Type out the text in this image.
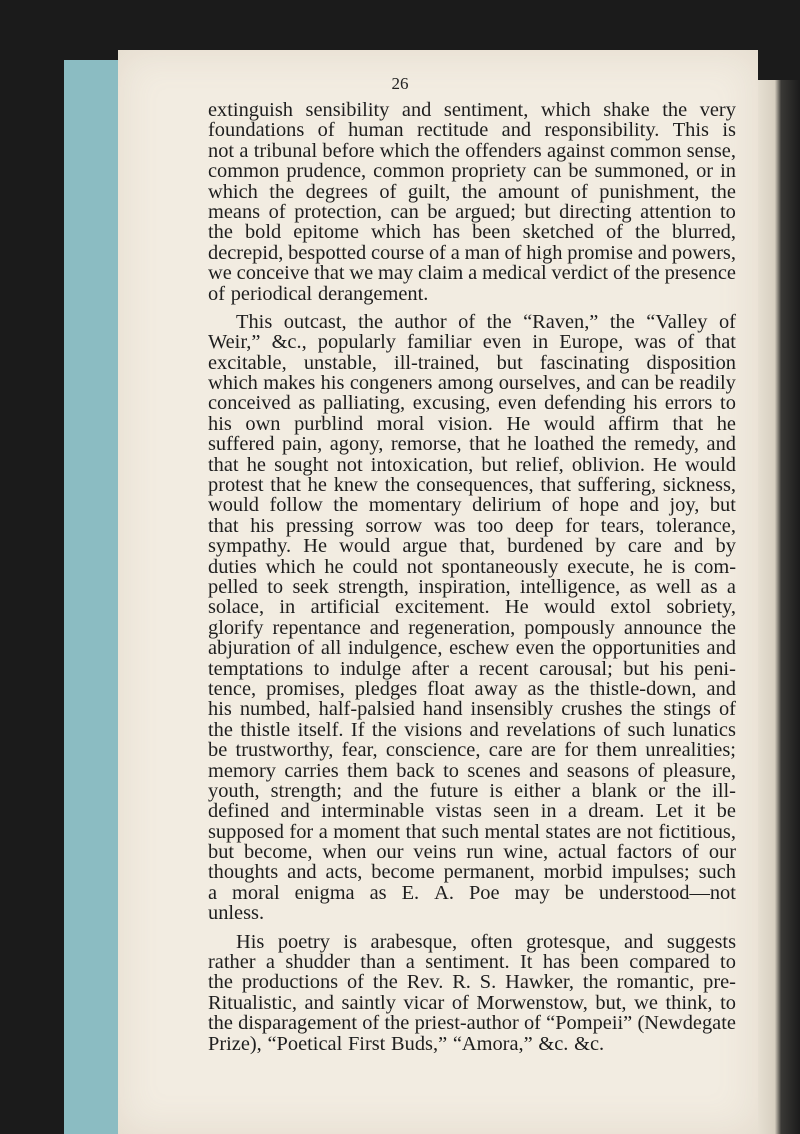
26
extinguish sensibility and sentiment, which shake the very
foundations of human rectitude and responsibility. This is
not a tribunal before which the offenders against common sense,
common prudence, common propriety can be summoned, or in
which the degrees of guilt, the amount of punishment, the
means of protection, can be argued; but directing attention to
the bold epitome which has been sketched of the blurred,
decrepid, bespotted course of a man of high promise and powers,
we conceive that we may claim a medical verdict of the presence
of periodical derangement.
This outcast, the author of the “Raven,” the “Valley of
Weir,” &c., popularly familiar even in Europe, was of that
excitable, unstable, ill-trained, but fascinating disposition
which makes his congeners among ourselves, and can be readily
conceived as palliating, excusing, even defending his errors to
his own purblind moral vision. He would affirm that he
suffered pain, agony, remorse, that he loathed the remedy, and
that he sought not intoxication, but relief, oblivion. He would
protest that he knew the consequences, that suffering, sickness,
would follow the momentary delirium of hope and joy, but
that his pressing sorrow was too deep for tears, tolerance,
sympathy. He would argue that, burdened by care and by
duties which he could not spontaneously execute, he is com-
pelled to seek strength, inspiration, intelligence, as well as a
solace, in artificial excitement. He would extol sobriety,
glorify repentance and regeneration, pompously announce the
abjuration of all indulgence, eschew even the opportunities and
temptations to indulge after a recent carousal; but his peni-
tence, promises, pledges float away as the thistle-down, and
his numbed, half-palsied hand insensibly crushes the stings of
the thistle itself. If the visions and revelations of such lunatics
be trustworthy, fear, conscience, care are for them unrealities;
memory carries them back to scenes and seasons of pleasure,
youth, strength; and the future is either a blank or the ill-
defined and interminable vistas seen in a dream. Let it be
supposed for a moment that such mental states are not fictitious,
but become, when our veins run wine, actual factors of our
thoughts and acts, become permanent, morbid impulses; such
a moral enigma as E. A. Poe may be understood—not
unless.
His poetry is arabesque, often grotesque, and suggests
rather a shudder than a sentiment. It has been compared to
the productions of the Rev. R. S. Hawker, the romantic, pre-
Ritualistic, and saintly vicar of Morwenstow, but, we think, to
the disparagement of the priest-author of “Pompeii” (Newdegate
Prize), “Poetical First Buds,” “Amora,” &c. &c.
